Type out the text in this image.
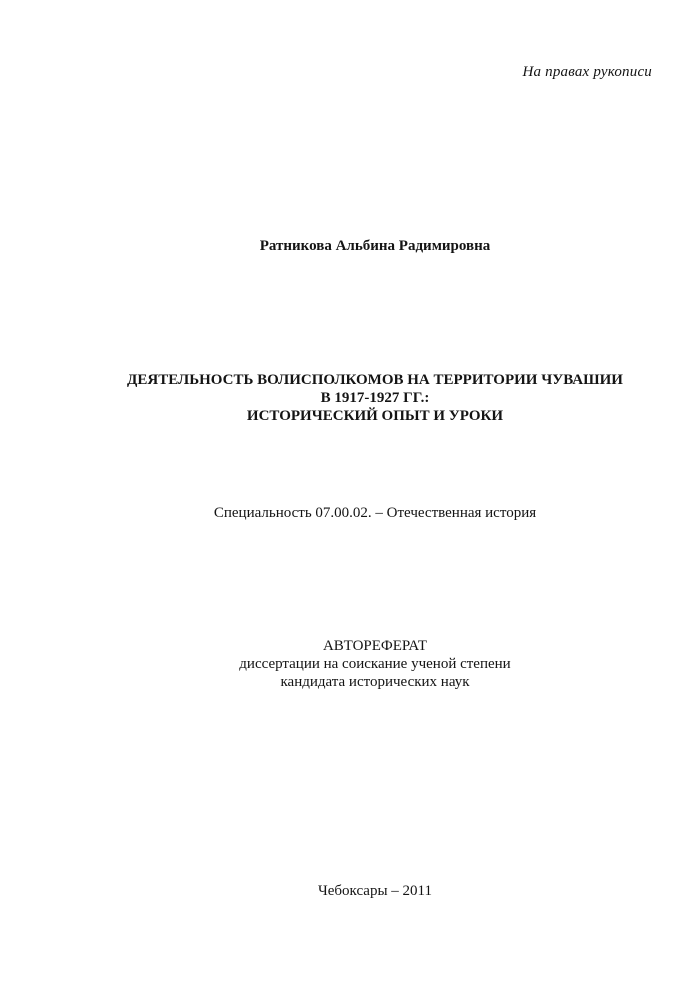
На правах рукописи
Ратникова Альбина Радимировна
ДЕЯТЕЛЬНОСТЬ ВОЛИСПОЛКОМОВ НА ТЕРРИТОРИИ ЧУВАШИИ
В 1917-1927 ГГ.:
ИСТОРИЧЕСКИЙ ОПЫТ И УРОКИ
Специальность 07.00.02. – Отечественная история
АВТОРЕФЕРАТ
диссертации на соискание ученой степени
кандидата исторических наук
Чебоксары – 2011
